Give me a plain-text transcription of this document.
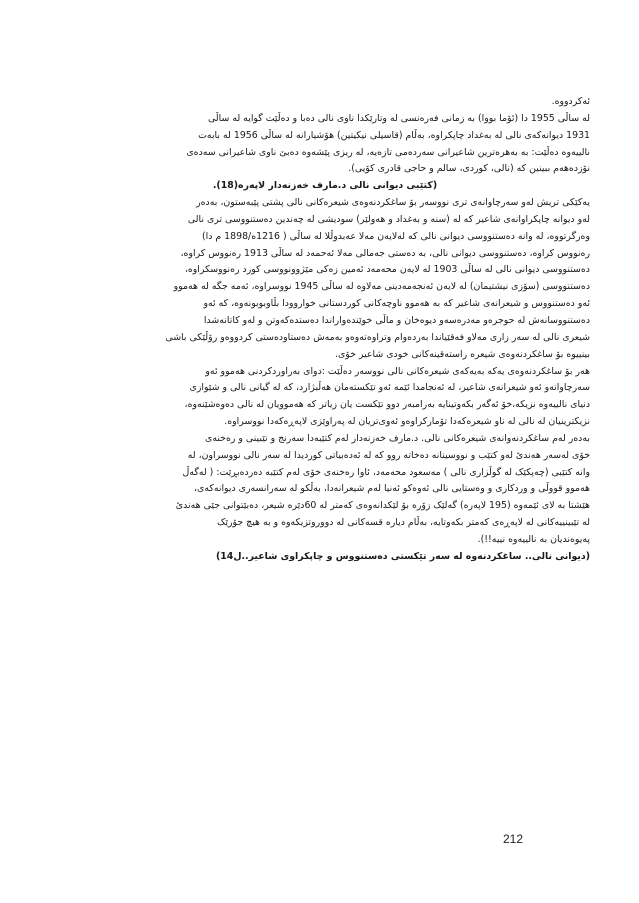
ئەکردووە.
لە ساڵی 1955 دا (ئۆما بووا) بە زمانی فەرەنسی لە وتارێکدا ناوی نالی دەبا و دەڵێت گوایە لە ساڵی
1931 دیوانەکەی نالی لە بەغداد چاپکراوە، بەڵام (قاسیلی نیکیتین) هۆشیارانە لە ساڵی 1956 لە بابەت
نالییەوە دەڵێت: بە بەهرەترین شاعیرانی سەردەمی تازەیە، لە ریزی پێشەوە دەبێ ناوی شاعیرانی سەدەی
نۆزدەهەم ببینین کە (نالی، کوردی، سالم و حاجی قادری کۆیی).
(کتێبی دیوانی نالی د.مارف خەزنەدار لاپەرە(18).
یەکێکی تریش لەو سەرچاوانەی تری نووسەر بۆ ساغکردنەوەی شیعرەکانی نالی پشتی پێبەستون، بەدەر
لەو دیوانە چاپکراوانەی شاعیر کە لە (سنە و بەغداد و هەولێر) سودیشی لە چەندین دەستنووسی تری نالی
وەرگرتووە، لە وانە دەستنووسی دیوانی نالی کە لەلایەن مەلا عەبدوڵلا لە ساڵی ( 1216ه/1898 م دا)
رەنووس کراوە، دەستنووسی دیوانی نالی، بە دەستی جەمالی مەلا ئەحمەد لە ساڵی 1913 رەنووس کراوە،
دەستنووسی دیوانی نالی لە ساڵی 1903 لە لایەن محەمەد ئەمین زەکی مێژوونووسی کورد رەنووسکراوە،
دەستنووسی (سۆزی نیشتیمان) لە لایەن ئەنجەمەدینی مەلاوە لە ساڵی 1945 نووسراوە، ئەمە جگە لە هەموو
ئەو دەستنووس و شیعرانەی شاعیر کە بە هەموو ناوچەکانی کوردستانی خواروودا بڵاوبوبونەوە، کە ئەو
دەستنووسانەش لە حوجرەو مەدرەسەو دیوەخان و ماڵی خوێندەواراندا دەستدەکەوتن و لەو کاتانەشدا
شیعری نالی لە سەر زاری مەلاو فەقێیاندا بەردەوام وتراوەتەوەو بەمەش دەستاودەستی کردووەو رۆڵێکی باشی
بینییوە بۆ ساغکردنەوەی شیعرە راستەقینەکانی خودی شاعیر خۆی.
هەر بۆ ساغکردنەوەی یەکە بەیەکەی شیعرەکانی نالی نووسەر دەڵێت :دوای بەراوردکردنی هەموو ئەو
سەرچاوانەو ئەو شیعرانەی شاعیر، لە ئەنجامدا ئێمە ئەو تێکستەمان هەڵبژارد، کە لە گیانی نالی و شێوازی
دنیای نالییەوە نزیکە،خۆ ئەگەر بکەوتینایە بەرامبەر دوو تێکست یان زیاتر کە هەموویان لە نالی دەوەشێنەوە،
نزیکترینیان لە نالی لە ناو شیعرەکەدا تۆمارکراوەو ئەوی‌تریان لە پەراوێزی لاپەڕەکەدا نووسراوە.
بەدەر لەم ساغکردنەوانەی شیعرەکانی نالی. د.مارف خەزنەدار لەم کتێبەدا سەرنج و تێبینی و رەخنەی
خۆی لەسەر هەندێ لەو کتێب و نووسینانە دەخاتە روو کە لە ئەدەبیاتی کوردیدا لە سەر نالی نووسراون، لە
وانە کتێبی (چەپکێک لە گوڵزاری نالی ) مەسعود محەمەد، ئاوا رەخنەی خۆی لەم کتێبە دەردەبڕێت: ( لەگەڵ
هەموو قووڵی و وردکاری و وەستایی نالی ئەوەکو ئەنیا لەم شیعرانەدا، بەڵکو لە سەرانسەری دیوانەکەی،
هێشتا بە لای ئێمەوە (195 لاپەرە) گەلێک زۆرە بۆ لێکدانەوەی کەمتر لە 60دێرە شیعر، دەبێتوانی جێی هەندێ
لە تێبینییەکانی لە لاپەڕەی کەمتر بکەوتایە، بەڵام دیارە قسەکانی لە دووروتزیکەوە و بە هیچ جۆرێک
پەیوەندیان بە نالییەوە نییە!!).
(دیوانی نالی.. ساغکردنەوە لە سەر تێکستی دەستنووس و چاپکراوی شاعیر..ل14)

212
